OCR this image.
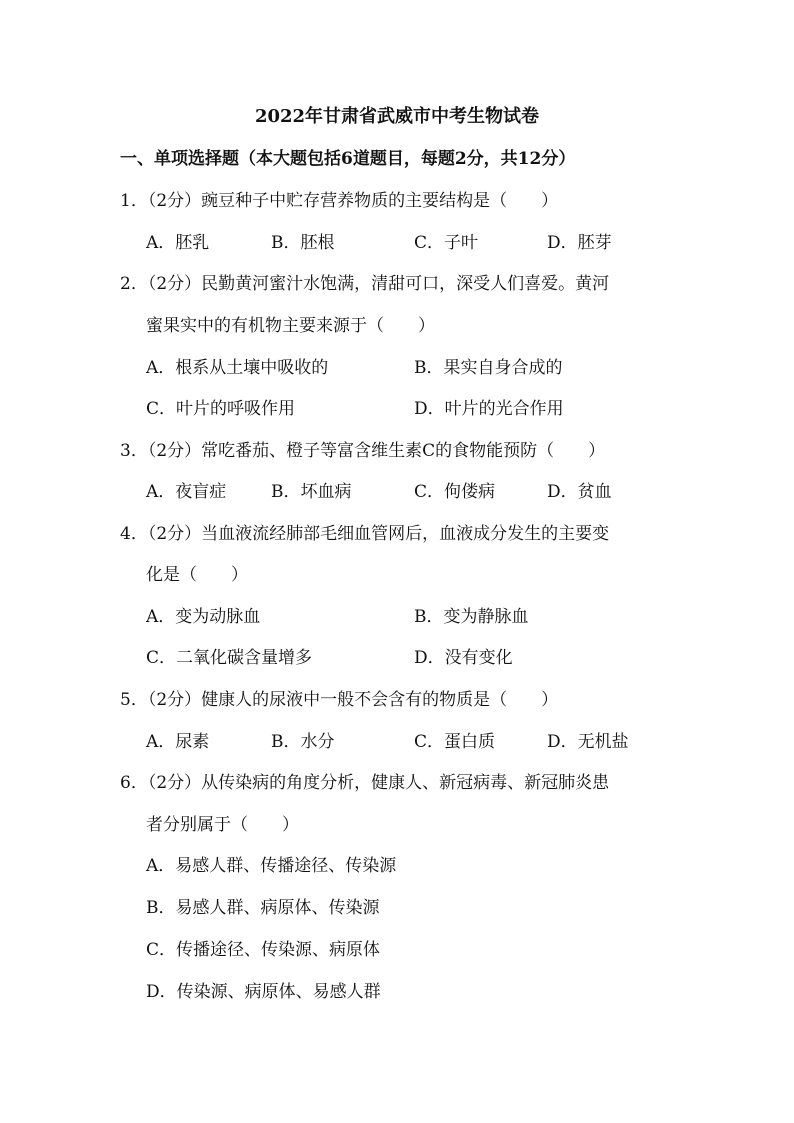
2022年甘肃省武威市中考生物试卷
一、单项选择题（本大题包括6道题目，每题2分，共12分）
1．（2分）豌豆种子中贮存营养物质的主要结构是（　　）
A．胚乳	B．胚根	C．子叶	D．胚芽
2．（2分）民勤黄河蜜汁水饱满，清甜可口，深受人们喜爱。黄河
蜜果实中的有机物主要来源于（　　）
A．根系从土壤中吸收的	B．果实自身合成的
C．叶片的呼吸作用	D．叶片的光合作用
3．（2分）常吃番茄、橙子等富含维生素C的食物能预防（　　）
A．夜盲症	B．坏血病	C．佝偻病	D．贫血
4．（2分）当血液流经肺部毛细血管网后，血液成分发生的主要变
化是（　　）
A．变为动脉血	B．变为静脉血
C．二氧化碳含量增多	D．没有变化
5．（2分）健康人的尿液中一般不会含有的物质是（　　）
A．尿素	B．水分	C．蛋白质	D．无机盐
6．（2分）从传染病的角度分析，健康人、新冠病毒、新冠肺炎患
者分别属于（　　）
A．易感人群、传播途径、传染源
B．易感人群、病原体、传染源
C．传播途径、传染源、病原体
D．传染源、病原体、易感人群
